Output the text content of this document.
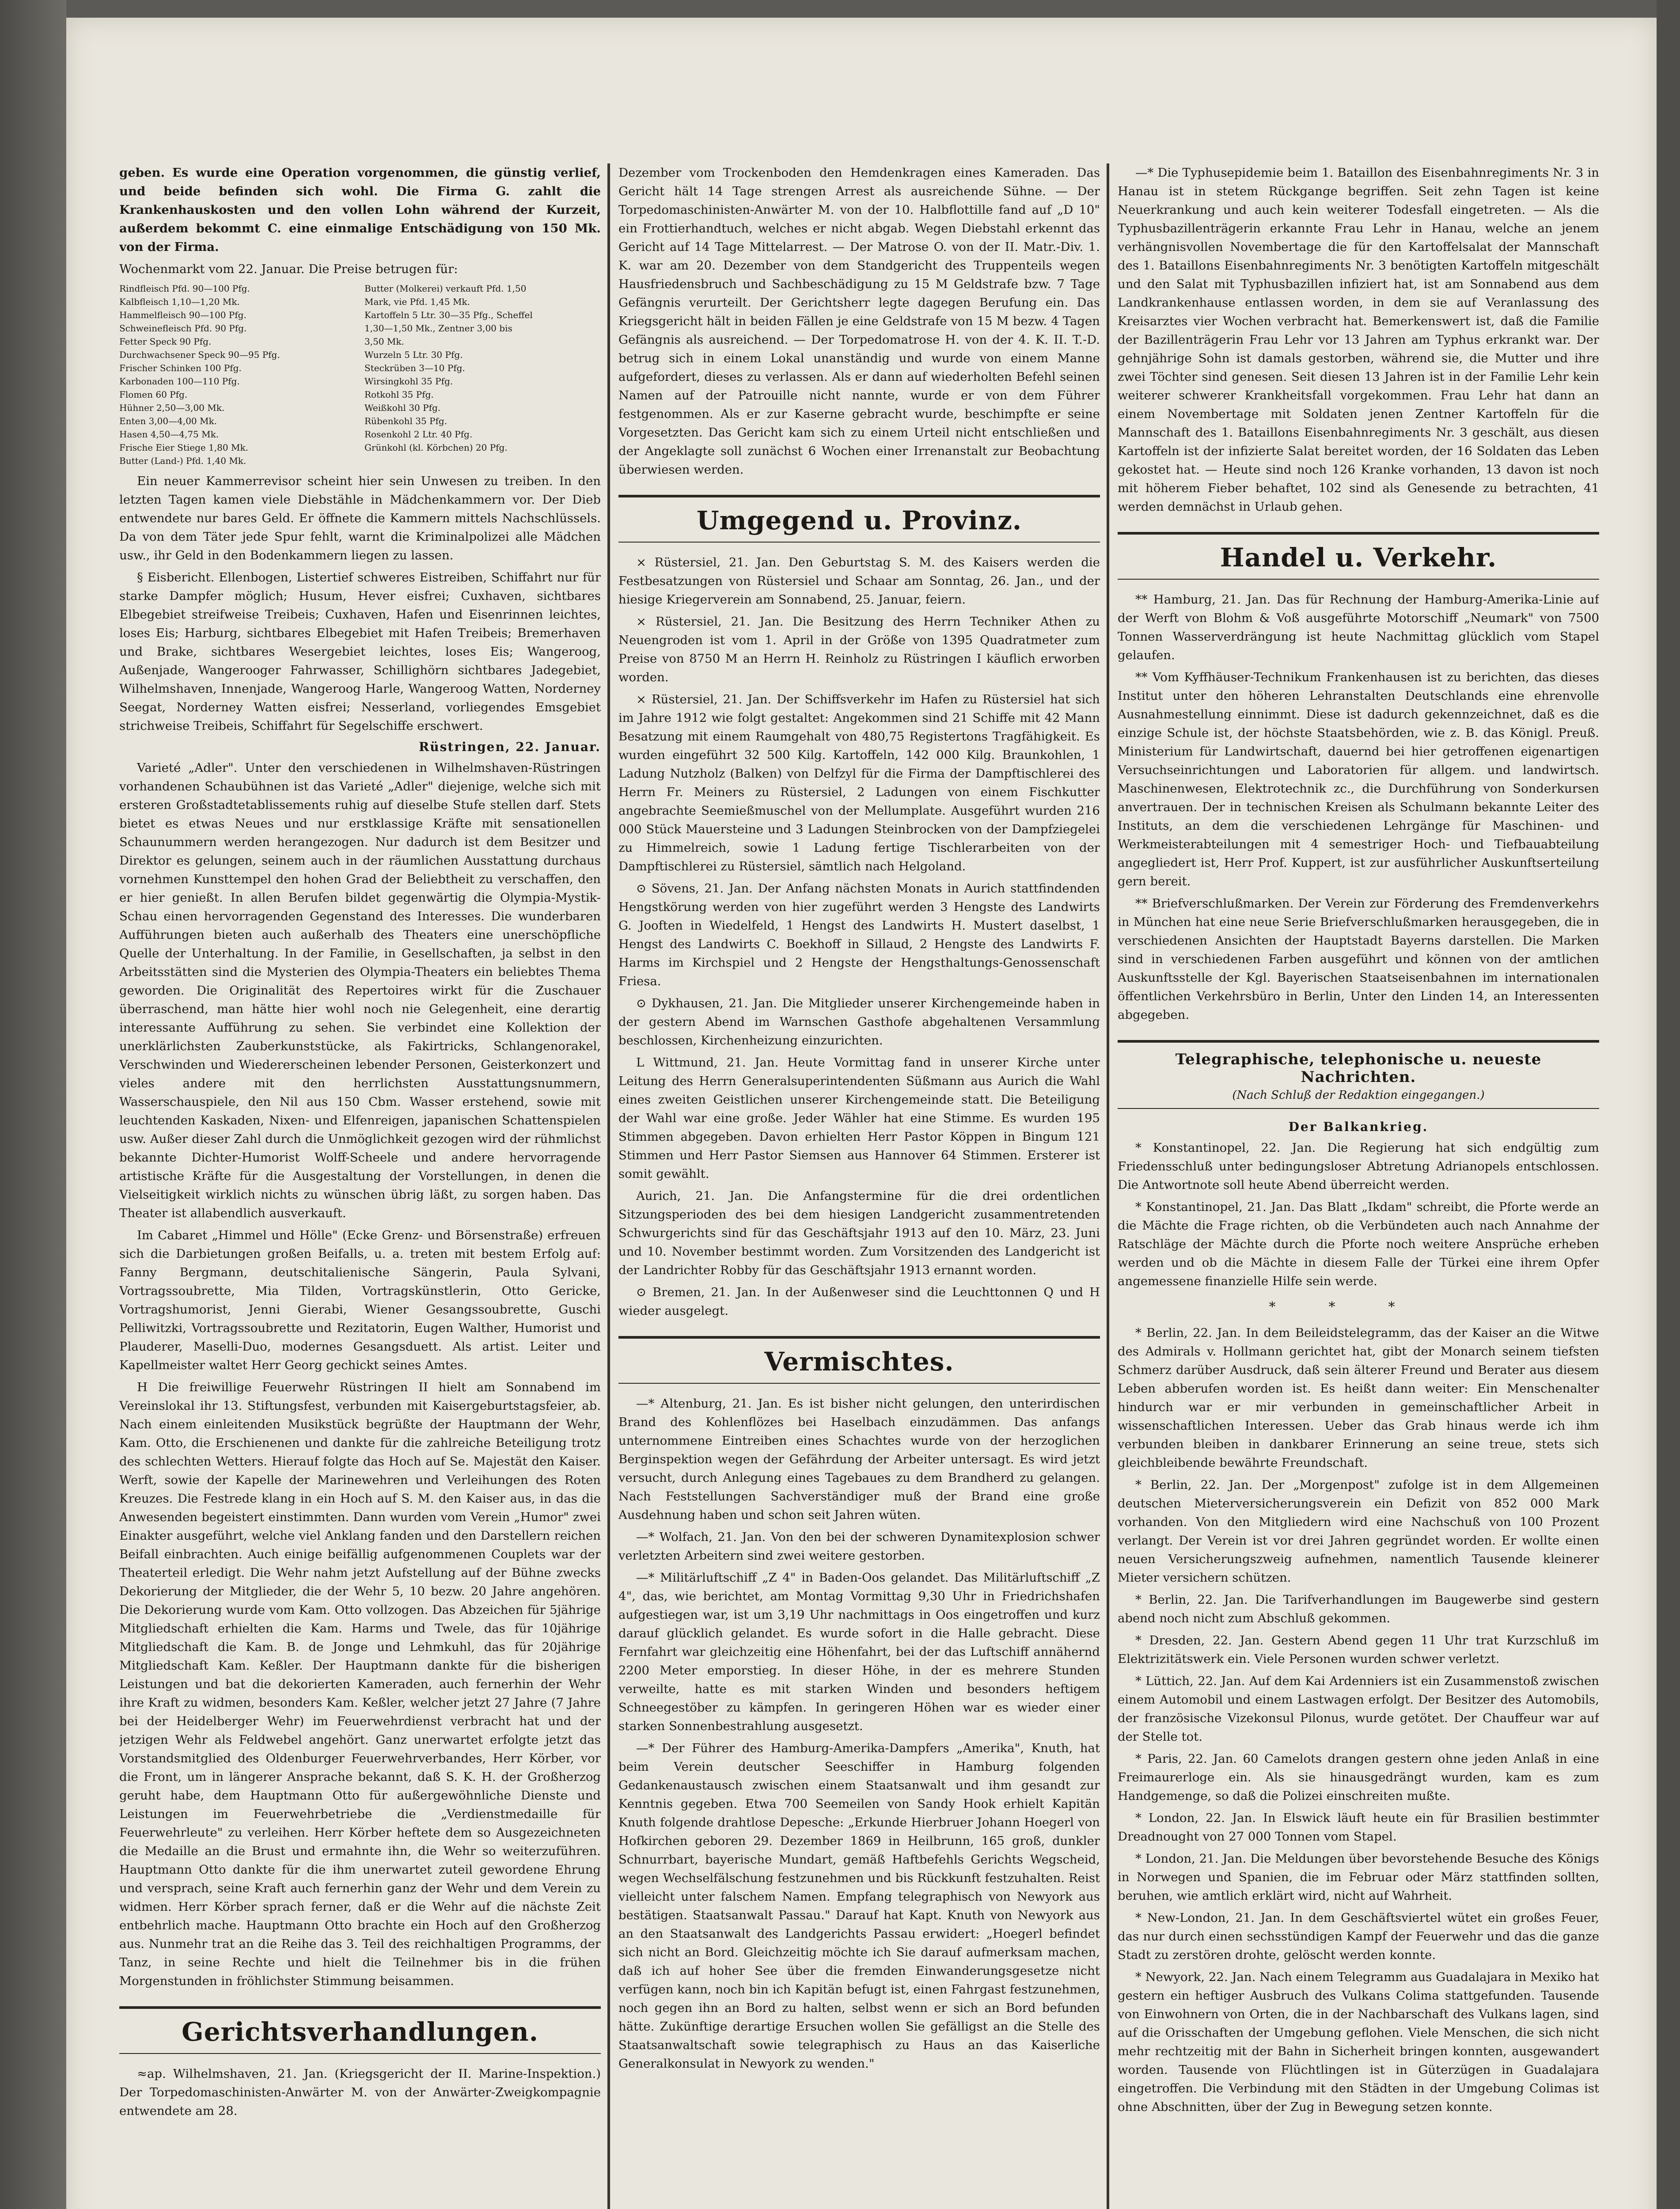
geben. Es wurde eine Operation vorgenommen, die günstig verlief, und beide befinden sich wohl. Die Firma G. zahlt die Krankenhauskosten und den vollen Lohn während der Kurzeit, außerdem bekommt C. eine einmalige Entschädigung von 150 Mk. von der Firma.

Wochenmarkt vom 22. Januar. Die Preise betrugen für:

Rindfleisch Pfd. 90—100 Pfg.	Butter (Molkerei) verkauft Pfd. 1,50
Kalbfleisch 1,10—1,20 Mk.	Mark, vie Pfd. 1,45 Mk.
Hammelfleisch 90—100 Pfg.	Kartoffeln 5 Ltr. 30—35 Pfg., Scheffel
Schweinefleisch Pfd. 90 Pfg.	1,30—1,50 Mk., Zentner 3,00 bis
Fetter Speck 90 Pfg.	3,50 Mk.
Durchwachsener Speck 90—95 Pfg.	Wurzeln 5 Ltr. 30 Pfg.
Frischer Schinken 100 Pfg.	Steckrüben 3—10 Pfg.
Karbonaden 100—110 Pfg.	Wirsingkohl 35 Pfg.
Flomen 60 Pfg.	Rotkohl 35 Pfg.
Hühner 2,50—3,00 Mk.	Weißkohl 30 Pfg.
Enten 3,00—4,00 Mk.	Rübenkohl 35 Pfg.
Hasen 4,50—4,75 Mk.	Rosenkohl 2 Ltr. 40 Pfg.
Frische Eier Stiege 1,80 Mk.	Grünkohl (kl. Körbchen) 20 Pfg.
Butter (Land-) Pfd. 1,40 Mk.

Ein neuer Kammerrevisor scheint hier sein Unwesen zu treiben. In den letzten Tagen kamen viele Diebstähle in Mädchenkammern vor. Der Dieb entwendete nur bares Geld. Er öffnete die Kammern mittels Nachschlüssels. Da von dem Täter jede Spur fehlt, warnt die Kriminalpolizei alle Mädchen usw., ihr Geld in den Bodenkammern liegen zu lassen.

§ Eisbericht. Ellenbogen, Listertief schweres Eistreiben, Schiffahrt nur für starke Dampfer möglich; Husum, Hever eisfrei; Cuxhaven, sichtbares Elbegebiet streifweise Treibeis; Cuxhaven, Hafen und Eisenrinnen leichtes, loses Eis; Harburg, sichtbares Elbegebiet mit Hafen Treibeis; Bremerhaven und Brake, sichtbares Wesergebiet leichtes, loses Eis; Wangeroog, Außenjade, Wangerooger Fahrwasser, Schillighörn sichtbares Jadegebiet, Wilhelmshaven, Innenjade, Wangeroog Harle, Wangeroog Watten, Norderney Seegat, Norderney Watten eisfrei; Nesserland, vorliegendes Emsgebiet strichweise Treibeis, Schiffahrt für Segelschiffe erschwert.

Rüstringen, 22. Januar.

Varieté „Adler". Unter den verschiedenen in Wilhelmshaven-Rüstringen vorhandenen Schaubühnen ist das Varieté „Adler" diejenige, welche sich mit ersteren Großstadtetablissements ruhig auf dieselbe Stufe stellen darf. Stets bietet es etwas Neues und nur erstklassige Kräfte mit sensationellen Schaunummern werden herangezogen. Nur dadurch ist dem Besitzer und Direktor es gelungen, seinem auch in der räumlichen Ausstattung durchaus vornehmen Kunsttempel den hohen Grad der Beliebtheit zu verschaffen, den er hier genießt. In allen Berufen bildet gegenwärtig die Olympia-Mystik-Schau einen hervorragenden Gegenstand des Interesses. Die wunderbaren Aufführungen bieten auch außerhalb des Theaters eine unerschöpfliche Quelle der Unterhaltung. In der Familie, in Gesellschaften, ja selbst in den Arbeitsstätten sind die Mysterien des Olympia-Theaters ein beliebtes Thema geworden. Die Originalität des Repertoires wirkt für die Zuschauer überraschend, man hätte hier wohl noch nie Gelegenheit, eine derartig interessante Aufführung zu sehen. Sie verbindet eine Kollektion der unerklärlichsten Zauberkunststücke, als Fakirtricks, Schlangenorakel, Verschwinden und Wiedererscheinen lebender Personen, Geisterkonzert und vieles andere mit den herrlichsten Ausstattungsnummern, Wasserschauspiele, den Nil aus 150 Cbm. Wasser erstehend, sowie mit leuchtenden Kaskaden, Nixen- und Elfenreigen, japanischen Schattenspielen usw. Außer dieser Zahl durch die Unmöglichkeit gezogen wird der rühmlichst bekannte Dichter-Humorist Wolff-Scheele und andere hervorragende artistische Kräfte für die Ausgestaltung der Vorstellungen, in denen die Vielseitigkeit wirklich nichts zu wünschen übrig läßt, zu sorgen haben. Das Theater ist allabendlich ausverkauft.

Im Cabaret „Himmel und Hölle" (Ecke Grenz- und Börsenstraße) erfreuen sich die Darbietungen großen Beifalls, u. a. treten mit bestem Erfolg auf: Fanny Bergmann, deutschitalienische Sängerin, Paula Sylvani, Vortragssoubrette, Mia Tilden, Vortragskünstlerin, Otto Gericke, Vortragshumorist, Jenni Gierabi, Wiener Gesangssoubrette, Guschi Pelliwitzki, Vortragssoubrette und Rezitatorin, Eugen Walther, Humorist und Plauderer, Maselli-Duo, modernes Gesangsduett. Als artist. Leiter und Kapellmeister waltet Herr Georg gechickt seines Amtes.

H Die freiwillige Feuerwehr Rüstringen II hielt am Sonnabend im Vereinslokal ihr 13. Stiftungsfest, verbunden mit Kaisergeburtstagsfeier, ab. Nach einem einleitenden Musikstück begrüßte der Hauptmann der Wehr, Kam. Otto, die Erschienenen und dankte für die zahlreiche Beteiligung trotz des schlechten Wetters. Hierauf folgte das Hoch auf Se. Majestät den Kaiser. Werft, sowie der Kapelle der Marinewehren und Verleihungen des Roten Kreuzes. Die Festrede klang in ein Hoch auf S. M. den Kaiser aus, in das die Anwesenden begeistert einstimmten. Dann wurden vom Verein „Humor" zwei Einakter ausgeführt, welche viel Anklang fanden und den Darstellern reichen Beifall einbrachten. Auch einige beifällig aufgenommenen Couplets war der Theaterteil erledigt. Die Wehr nahm jetzt Aufstellung auf der Bühne zwecks Dekorierung der Mitglieder, die der Wehr 5, 10 bezw. 20 Jahre angehören. Die Dekorierung wurde vom Kam. Otto vollzogen. Das Abzeichen für 5jährige Mitgliedschaft erhielten die Kam. Harms und Twele, das für 10jährige Mitgliedschaft die Kam. B. de Jonge und Lehmkuhl, das für 20jährige Mitgliedschaft Kam. Keßler. Der Hauptmann dankte für die bisherigen Leistungen und bat die dekorierten Kameraden, auch fernerhin der Wehr ihre Kraft zu widmen, besonders Kam. Keßler, welcher jetzt 27 Jahre (7 Jahre bei der Heidelberger Wehr) im Feuerwehrdienst verbracht hat und der jetzigen Wehr als Feldwebel angehört. Ganz unerwartet erfolgte jetzt das Vorstandsmitglied des Oldenburger Feuerwehrverbandes, Herr Körber, vor die Front, um in längerer Ansprache bekannt, daß S. K. H. der Großherzog geruht habe, dem Hauptmann Otto für außergewöhnliche Dienste und Leistungen im Feuerwehrbetriebe die „Verdienstmedaille für Feuerwehrleute" zu verleihen. Herr Körber heftete dem so Ausgezeichneten die Medaille an die Brust und ermahnte ihn, die Wehr so weiterzuführen. Hauptmann Otto dankte für die ihm unerwartet zuteil gewordene Ehrung und versprach, seine Kraft auch fernerhin ganz der Wehr und dem Verein zu widmen. Herr Körber sprach ferner, daß er die Wehr auf die nächste Zeit entbehrlich mache. Hauptmann Otto brachte ein Hoch auf den Großherzog aus. Nunmehr trat an die Reihe das 3. Teil des reichhaltigen Programms, der Tanz, in seine Rechte und hielt die Teilnehmer bis in die frühen Morgenstunden in fröhlichster Stimmung beisammen.

Gerichtsverhandlungen.

≈ap. Wilhelmshaven, 21. Jan. (Kriegsgericht der II. Marine-Inspektion.) Der Torpedomaschinisten-Anwärter M. von der Anwärter-Zweigkompagnie entwendete am 28.

Dezember vom Trockenboden den Hemdenkragen eines Kameraden. Das Gericht hält 14 Tage strengen Arrest als ausreichende Sühne. — Der Torpedomaschinisten-Anwärter M. von der 10. Halbflottille fand auf „D 10" ein Frottierhandtuch, welches er nicht abgab. Wegen Diebstahl erkennt das Gericht auf 14 Tage Mittelarrest. — Der Matrose O. von der II. Matr.-Div. 1. K. war am 20. Dezember von dem Standgericht des Truppenteils wegen Hausfriedensbruch und Sachbeschädigung zu 15 M Geldstrafe bzw. 7 Tage Gefängnis verurteilt. Der Gerichtsherr legte dagegen Berufung ein. Das Kriegsgericht hält in beiden Fällen je eine Geldstrafe von 15 M bezw. 4 Tagen Gefängnis als ausreichend. — Der Torpedomatrose H. von der 4. K. II. T.-D. betrug sich in einem Lokal unanständig und wurde von einem Manne aufgefordert, dieses zu verlassen. Als er dann auf wiederholten Befehl seinen Namen auf der Patrouille nicht nannte, wurde er von dem Führer festgenommen. Als er zur Kaserne gebracht wurde, beschimpfte er seine Vorgesetzten. Das Gericht kam sich zu einem Urteil nicht entschließen und der Angeklagte soll zunächst 6 Wochen einer Irrenanstalt zur Beobachtung überwiesen werden.

Umgegend u. Provinz.

× Rüstersiel, 21. Jan. Den Geburtstag S. M. des Kaisers werden die Festbesatzungen von Rüstersiel und Schaar am Sonntag, 26. Jan., und der hiesige Kriegerverein am Sonnabend, 25. Januar, feiern.

× Rüstersiel, 21. Jan. Die Besitzung des Herrn Techniker Athen zu Neuengroden ist vom 1. April in der Größe von 1395 Quadratmeter zum Preise von 8750 M an Herrn H. Reinholz zu Rüstringen I käuflich erworben worden.

× Rüstersiel, 21. Jan. Der Schiffsverkehr im Hafen zu Rüstersiel hat sich im Jahre 1912 wie folgt gestaltet: Angekommen sind 21 Schiffe mit 42 Mann Besatzung mit einem Raumgehalt von 480,75 Registertons Tragfähigkeit. Es wurden eingeführt 32 500 Kilg. Kartoffeln, 142 000 Kilg. Braunkohlen, 1 Ladung Nutzholz (Balken) von Delfzyl für die Firma der Dampftischlerei des Herrn Fr. Meiners zu Rüstersiel, 2 Ladungen von einem Fischkutter angebrachte Seemießmuschel von der Mellumplate. Ausgeführt wurden 216 000 Stück Mauersteine und 3 Ladungen Steinbrocken von der Dampfziegelei zu Himmelreich, sowie 1 Ladung fertige Tischlerarbeiten von der Dampftischlerei zu Rüstersiel, sämtlich nach Helgoland.

⊙ Sövens, 21. Jan. Der Anfang nächsten Monats in Aurich stattfindenden Hengstkörung werden von hier zugeführt werden 3 Hengste des Landwirts G. Jooften in Wiedelfeld, 1 Hengst des Landwirts H. Mustert daselbst, 1 Hengst des Landwirts C. Boekhoff in Sillaud, 2 Hengste des Landwirts F. Harms im Kirchspiel und 2 Hengste der Hengsthaltungs-Genossenschaft Friesa.

⊙ Dykhausen, 21. Jan. Die Mitglieder unserer Kirchengemeinde haben in der gestern Abend im Warnschen Gasthofe abgehaltenen Versammlung beschlossen, Kirchenheizung einzurichten.

L Wittmund, 21. Jan. Heute Vormittag fand in unserer Kirche unter Leitung des Herrn Generalsuperintendenten Süßmann aus Aurich die Wahl eines zweiten Geistlichen unserer Kirchengemeinde statt. Die Beteiligung der Wahl war eine große. Jeder Wähler hat eine Stimme. Es wurden 195 Stimmen abgegeben. Davon erhielten Herr Pastor Köppen in Bingum 121 Stimmen und Herr Pastor Siemsen aus Hannover 64 Stimmen. Ersterer ist somit gewählt.

Aurich, 21. Jan. Die Anfangstermine für die drei ordentlichen Sitzungsperioden des bei dem hiesigen Landgericht zusammentretenden Schwurgerichts sind für das Geschäftsjahr 1913 auf den 10. März, 23. Juni und 10. November bestimmt worden. Zum Vorsitzenden des Landgericht ist der Landrichter Robby für das Geschäftsjahr 1913 ernannt worden.

⊙ Bremen, 21. Jan. In der Außenweser sind die Leuchttonnen Q und H wieder ausgelegt.

Vermischtes.

—* Altenburg, 21. Jan. Es ist bisher nicht gelungen, den unterirdischen Brand des Kohlenflözes bei Haselbach einzudämmen. Das anfangs unternommene Eintreiben eines Schachtes wurde von der herzoglichen Berginspektion wegen der Gefährdung der Arbeiter untersagt. Es wird jetzt versucht, durch Anlegung eines Tagebaues zu dem Brandherd zu gelangen. Nach Feststellungen Sachverständiger muß der Brand eine große Ausdehnung haben und schon seit Jahren wüten.

—* Wolfach, 21. Jan. Von den bei der schweren Dynamitexplosion schwer verletzten Arbeitern sind zwei weitere gestorben.

—* Militärluftschiff „Z 4" in Baden-Oos gelandet. Das Militärluftschiff „Z 4", das, wie berichtet, am Montag Vormittag 9,30 Uhr in Friedrichshafen aufgestiegen war, ist um 3,19 Uhr nachmittags in Oos eingetroffen und kurz darauf glücklich gelandet. Es wurde sofort in die Halle gebracht. Diese Fernfahrt war gleichzeitig eine Höhenfahrt, bei der das Luftschiff annähernd 2200 Meter emporstieg. In dieser Höhe, in der es mehrere Stunden verweilte, hatte es mit starken Winden und besonders heftigem Schneegestöber zu kämpfen. In geringeren Höhen war es wieder einer starken Sonnenbestrahlung ausgesetzt.

—* Der Führer des Hamburg-Amerika-Dampfers „Amerika", Knuth, hat beim Verein deutscher Seeschiffer in Hamburg folgenden Gedankenaustausch zwischen einem Staatsanwalt und ihm gesandt zur Kenntnis gegeben. Etwa 700 Seemeilen von Sandy Hook erhielt Kapitän Knuth folgende drahtlose Depesche: „Erkunde Hierbruer Johann Hoegerl von Hofkirchen geboren 29. Dezember 1869 in Heilbrunn, 165 groß, dunkler Schnurrbart, bayerische Mundart, gemäß Haftbefehls Gerichts Wegscheid, wegen Wechselfälschung festzunehmen und bis Rückkunft festzuhalten. Reist vielleicht unter falschem Namen. Empfang telegraphisch von Newyork aus bestätigen. Staatsanwalt Passau." Darauf hat Kapt. Knuth von Newyork aus an den Staatsanwalt des Landgerichts Passau erwidert: „Hoegerl befindet sich nicht an Bord. Gleichzeitig möchte ich Sie darauf aufmerksam machen, daß ich auf hoher See über die fremden Einwanderungsgesetze nicht verfügen kann, noch bin ich Kapitän befugt ist, einen Fahrgast festzunehmen, noch gegen ihn an Bord zu halten, selbst wenn er sich an Bord befunden hätte. Zukünftige derartige Ersuchen wollen Sie gefälligst an die Stelle des Staatsanwaltschaft sowie telegraphisch zu Haus an das Kaiserliche Generalkonsulat in Newyork zu wenden."

—* Die Typhusepidemie beim 1. Bataillon des Eisenbahnregiments Nr. 3 in Hanau ist in stetem Rückgange begriffen. Seit zehn Tagen ist keine Neuerkrankung und auch kein weiterer Todesfall eingetreten. — Als die Typhusbazillenträgerin erkannte Frau Lehr in Hanau, welche an jenem verhängnisvollen Novembertage die für den Kartoffelsalat der Mannschaft des 1. Bataillons Eisenbahnregiments Nr. 3 benötigten Kartoffeln mitgeschält und den Salat mit Typhusbazillen infiziert hat, ist am Sonnabend aus dem Landkrankenhause entlassen worden, in dem sie auf Veranlassung des Kreisarztes vier Wochen verbracht hat. Bemerkenswert ist, daß die Familie der Bazillenträgerin Frau Lehr vor 13 Jahren am Typhus erkrankt war. Der gehnjährige Sohn ist damals gestorben, während sie, die Mutter und ihre zwei Töchter sind genesen. Seit diesen 13 Jahren ist in der Familie Lehr kein weiterer schwerer Krankheitsfall vorgekommen. Frau Lehr hat dann an einem Novembertage mit Soldaten jenen Zentner Kartoffeln für die Mannschaft des 1. Bataillons Eisenbahnregiments Nr. 3 geschält, aus diesen Kartoffeln ist der infizierte Salat bereitet worden, der 16 Soldaten das Leben gekostet hat. — Heute sind noch 126 Kranke vorhanden, 13 davon ist noch mit höherem Fieber behaftet, 102 sind als Genesende zu betrachten, 41 werden demnächst in Urlaub gehen.

Handel u. Verkehr.

** Hamburg, 21. Jan. Das für Rechnung der Hamburg-Amerika-Linie auf der Werft von Blohm & Voß ausgeführte Motorschiff „Neumark" von 7500 Tonnen Wasserverdrängung ist heute Nachmittag glücklich vom Stapel gelaufen.

** Vom Kyffhäuser-Technikum Frankenhausen ist zu berichten, das dieses Institut unter den höheren Lehranstalten Deutschlands eine ehrenvolle Ausnahmestellung einnimmt. Diese ist dadurch gekennzeichnet, daß es die einzige Schule ist, der höchste Staatsbehörden, wie z. B. das Königl. Preuß. Ministerium für Landwirtschaft, dauernd bei hier getroffenen eigenartigen Versuchseinrichtungen und Laboratorien für allgem. und landwirtsch. Maschinenwesen, Elektrotechnik zc., die Durchführung von Sonderkursen anvertrauen. Der in technischen Kreisen als Schulmann bekannte Leiter des Instituts, an dem die verschiedenen Lehrgänge für Maschinen- und Werkmeisterabteilungen mit 4 semestriger Hoch- und Tiefbauabteilung angegliedert ist, Herr Prof. Kuppert, ist zur ausführlicher Auskunftserteilung gern bereit.

** Briefverschlußmarken. Der Verein zur Förderung des Fremdenverkehrs in München hat eine neue Serie Briefverschlußmarken herausgegeben, die in verschiedenen Ansichten der Hauptstadt Bayerns darstellen. Die Marken sind in verschiedenen Farben ausgeführt und können von der amtlichen Auskunftsstelle der Kgl. Bayerischen Staatseisenbahnen im internationalen öffentlichen Verkehrsbüro in Berlin, Unter den Linden 14, an Interessenten abgegeben.

Telegraphische, telephonische u. neueste Nachrichten.
(Nach Schluß der Redaktion eingegangen.)
Der Balkankrieg.

* Konstantinopel, 22. Jan. Die Regierung hat sich endgültig zum Friedensschluß unter bedingungsloser Abtretung Adrianopels entschlossen. Die Antwortnote soll heute Abend überreicht werden.

* Konstantinopel, 21. Jan. Das Blatt „Ikdam" schreibt, die Pforte werde an die Mächte die Frage richten, ob die Verbündeten auch nach Annahme der Ratschläge der Mächte durch die Pforte noch weitere Ansprüche erheben werden und ob die Mächte in diesem Falle der Türkei eine ihrem Opfer angemessene finanzielle Hilfe sein werde.

***

* Berlin, 22. Jan. In dem Beileidstelegramm, das der Kaiser an die Witwe des Admirals v. Hollmann gerichtet hat, gibt der Monarch seinem tiefsten Schmerz darüber Ausdruck, daß sein älterer Freund und Berater aus diesem Leben abberufen worden ist. Es heißt dann weiter: Ein Menschenalter hindurch war er mir verbunden in gemeinschaftlicher Arbeit in wissenschaftlichen Interessen. Ueber das Grab hinaus werde ich ihm verbunden bleiben in dankbarer Erinnerung an seine treue, stets sich gleichbleibende bewährte Freundschaft.

* Berlin, 22. Jan. Der „Morgenpost" zufolge ist in dem Allgemeinen deutschen Mieterversicherungsverein ein Defizit von 852 000 Mark vorhanden. Von den Mitgliedern wird eine Nachschuß von 100 Prozent verlangt. Der Verein ist vor drei Jahren gegründet worden. Er wollte einen neuen Versicherungszweig aufnehmen, namentlich Tausende kleinerer Mieter versichern schützen.

* Berlin, 22. Jan. Die Tarifverhandlungen im Baugewerbe sind gestern abend noch nicht zum Abschluß gekommen.

* Dresden, 22. Jan. Gestern Abend gegen 11 Uhr trat Kurzschluß im Elektrizitätswerk ein. Viele Personen wurden schwer verletzt.

* Lüttich, 22. Jan. Auf dem Kai Ardenniers ist ein Zusammenstoß zwischen einem Automobil und einem Lastwagen erfolgt. Der Besitzer des Automobils, der französische Vizekonsul Pilonus, wurde getötet. Der Chauffeur war auf der Stelle tot.

* Paris, 22. Jan. 60 Camelots drangen gestern ohne jeden Anlaß in eine Freimaurerloge ein. Als sie hinausgedrängt wurden, kam es zum Handgemenge, so daß die Polizei einschreiten mußte.

* London, 22. Jan. In Elswick läuft heute ein für Brasilien bestimmter Dreadnought von 27 000 Tonnen vom Stapel.

* London, 21. Jan. Die Meldungen über bevorstehende Besuche des Königs in Norwegen und Spanien, die im Februar oder März stattfinden sollten, beruhen, wie amtlich erklärt wird, nicht auf Wahrheit.

* New-London, 21. Jan. In dem Geschäftsviertel wütet ein großes Feuer, das nur durch einen sechsstündigen Kampf der Feuerwehr und das die ganze Stadt zu zerstören drohte, gelöscht werden konnte.

* Newyork, 22. Jan. Nach einem Telegramm aus Guadalajara in Mexiko hat gestern ein heftiger Ausbruch des Vulkans Colima stattgefunden. Tausende von Einwohnern von Orten, die in der Nachbarschaft des Vulkans lagen, sind auf die Orisschaften der Umgebung geflohen. Viele Menschen, die sich nicht mehr rechtzeitig mit der Bahn in Sicherheit bringen konnten, ausgewandert worden. Tausende von Flüchtlingen ist in Güterzügen in Guadalajara eingetroffen. Die Verbindung mit den Städten in der Umgebung Colimas ist ohne Abschnitten, über der Zug in Bewegung setzen konnte.
